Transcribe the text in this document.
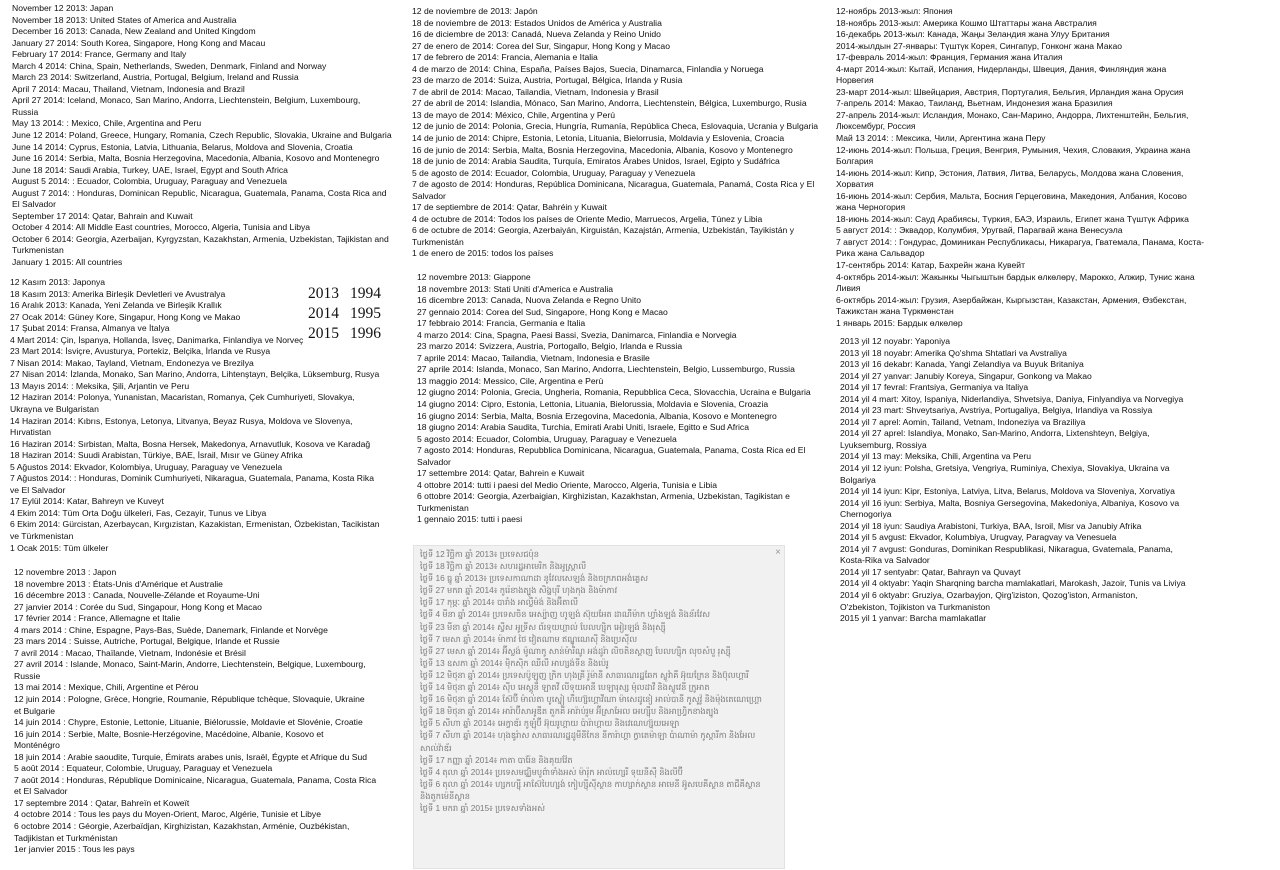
November 12 2013: Japan
November 18 2013: United States of America and Australia
December 16 2013: Canada, New Zealand and United Kingdom
January 27 2014: South Korea, Singapore, Hong Kong and Macau
February 17 2014: France, Germany and Italy
March 4 2014: China, Spain, Netherlands, Sweden, Denmark, Finland and Norway
March 23 2014: Switzerland, Austria, Portugal, Belgium, Ireland and Russia
April 7 2014: Macau, Thailand, Vietnam, Indonesia and Brazil
April 27 2014: Iceland, Monaco, San Marino, Andorra, Liechtenstein, Belgium, Luxembourg,
Russia
May 13 2014: : Mexico, Chile, Argentina and Peru
June 12 2014: Poland, Greece, Hungary, Romania, Czech Republic, Slovakia, Ukraine and Bulgaria
June 14 2014: Cyprus, Estonia, Latvia, Lithuania, Belarus, Moldova and Slovenia, Croatia
June 16 2014: Serbia, Malta, Bosnia Herzegovina, Macedonia, Albania, Kosovo and Montenegro
June 18 2014: Saudi Arabia, Turkey, UAE, Israel, Egypt and South Africa
August 5 2014: : Ecuador, Colombia, Uruguay, Paraguay and Venezuela
August 7 2014: : Honduras, Dominican Republic, Nicaragua, Guatemala, Panama, Costa Rica and
El Salvador
September 17 2014: Qatar, Bahrain and Kuwait
October 4 2014: All Middle East countries, Morocco, Algeria, Tunisia and Libya
October 6 2014: Georgia, Azerbaijan, Kyrgyzstan, Kazakhstan, Armenia, Uzbekistan, Tajikistan and
Turkmenistan
January 1 2015: All countries
12 Kasım 2013: Japonya
18 Kasım 2013: Amerika Birleşik Devletleri ve Avustralya
16 Aralık 2013: Kanada, Yeni Zelanda ve Birleşik Krallık
27 Ocak 2014: Güney Kore, Singapur, Hong Kong ve Makao
17 Şubat 2014: Fransa, Almanya ve İtalya
4 Mart 2014: Çin, İspanya, Hollanda, İsveç, Danimarka, Finlandiya ve Norveç
23 Mart 2014: İsviçre, Avusturya, Portekiz, Belçika, İrlanda ve Rusya
7 Nisan 2014: Makao, Tayland, Vietnam, Endonezya ve Brezilya
27 Nisan 2014: İzlanda, Monako, San Marino, Andorra, Lihtenştayn, Belçika, Lüksemburg, Rusya
13 Mayıs 2014: : Meksika, Şili, Arjantin ve Peru
12 Haziran 2014: Polonya, Yunanistan, Macaristan, Romanya, Çek Cumhuriyeti, Slovakya,
Ukrayna ve Bulgaristan
14 Haziran 2014: Kıbrıs, Estonya, Letonya, Litvanya, Beyaz Rusya, Moldova ve Slovenya,
Hırvatistan
16 Haziran 2014: Sırbistan, Malta, Bosna Hersek, Makedonya, Arnavutluk, Kosova ve Karadağ
18 Haziran 2014: Suudi Arabistan, Türkiye, BAE, İsrail, Mısır ve Güney Afrika
5 Ağustos 2014: Ekvador, Kolombiya, Uruguay, Paraguay ve Venezuela
7 Ağustos 2014: : Honduras, Dominik Cumhuriyeti, Nikaragua, Guatemala, Panama, Kosta Rika
ve El Salvador
17 Eylül 2014: Katar, Bahreyn ve Kuveyt
4 Ekim 2014: Tüm Orta Doğu ülkeleri, Fas, Cezayir, Tunus ve Libya
6 Ekim 2014: Gürcistan, Azerbaycan, Kırgızistan, Kazakistan, Ermenistan, Özbekistan, Tacikistan
ve Türkmenistan
1 Ocak 2015: Tüm ülkeler
12 novembre 2013 : Japon
18 novembre 2013 : États-Unis d'Amérique et Australie
16 décembre 2013 : Canada, Nouvelle-Zélande et Royaume-Uni
27 janvier 2014 : Corée du Sud, Singapour, Hong Kong et Macao
17 février 2014 : France, Allemagne et Italie
4 mars 2014 : Chine, Espagne, Pays-Bas, Suède, Danemark, Finlande et Norvège
23 mars 2014 : Suisse, Autriche, Portugal, Belgique, Irlande et Russie
7 avril 2014 : Macao, Thaïlande, Vietnam, Indonésie et Brésil
27 avril 2014 : Islande, Monaco, Saint-Marin, Andorre, Liechtenstein, Belgique, Luxembourg,
Russie
13 mai 2014 : Mexique, Chili, Argentine et Pérou
12 juin 2014 : Pologne, Grèce, Hongrie, Roumanie, République tchèque, Slovaquie, Ukraine
et Bulgarie
14 juin 2014 : Chypre, Estonie, Lettonie, Lituanie, Biélorussie, Moldavie et Slovénie, Croatie
16 juin 2014 : Serbie, Malte, Bosnie-Herzégovine, Macédoine, Albanie, Kosovo et
Monténégro
18 juin 2014 : Arabie saoudite, Turquie, Émirats arabes unis, Israël, Égypte et Afrique du Sud
5 août 2014 : Equateur, Colombie, Uruguay, Paraguay et Venezuela
7 août 2014 : Honduras, République Dominicaine, Nicaragua, Guatemala, Panama, Costa Rica
et El Salvador
17 septembre 2014 : Qatar, Bahreïn et Koweït
4 octobre 2014 : Tous les pays du Moyen-Orient, Maroc, Algérie, Tunisie et Libye
6 octobre 2014 : Géorgie, Azerbaïdjan, Kirghizistan, Kazakhstan, Arménie, Ouzbékistan,
Tadjikistan et Turkménistan
1er janvier 2015 : Tous les pays
12 de noviembre de 2013: Japón
18 de noviembre de 2013: Estados Unidos de América y Australia
16 de diciembre de 2013: Canadá, Nueva Zelanda y Reino Unido
27 de enero de 2014: Corea del Sur, Singapur, Hong Kong y Macao
17 de febrero de 2014: Francia, Alemania e Italia
4 de marzo de 2014: China, España, Países Bajos, Suecia, Dinamarca, Finlandia y Noruega
23 de marzo de 2014: Suiza, Austria, Portugal, Bélgica, Irlanda y Rusia
7 de abril de 2014: Macao, Tailandia, Vietnam, Indonesia y Brasil
27 de abril de 2014: Islandia, Mónaco, San Marino, Andorra, Liechtenstein, Bélgica, Luxemburgo, Rusia
13 de mayo de 2014: México, Chile, Argentina y Perú
12 de junio de 2014: Polonia, Grecia, Hungría, Rumanía, República Checa, Eslovaquia, Ucrania y Bulgaria
14 de junio de 2014: Chipre, Estonia, Letonia, Lituania, Bielorrusia, Moldavia y Eslovenia, Croacia
16 de junio de 2014: Serbia, Malta, Bosnia Herzegovina, Macedonia, Albania, Kosovo y Montenegro
18 de junio de 2014: Arabia Saudita, Turquía, Emiratos Árabes Unidos, Israel, Egipto y Sudáfrica
5 de agosto de 2014: Ecuador, Colombia, Uruguay, Paraguay y Venezuela
7 de agosto de 2014: Honduras, República Dominicana, Nicaragua, Guatemala, Panamá, Costa Rica y El
Salvador
17 de septiembre de 2014: Qatar, Bahréin y Kuwait
4 de octubre de 2014: Todos los países de Oriente Medio, Marruecos, Argelia, Túnez y Libia
6 de octubre de 2014: Georgia, Azerbaiyán, Kirguistán, Kazajstán, Armenia, Uzbekistán, Tayikistán y
Turkmenistán
1 de enero de 2015: todos los países
12 novembre 2013: Giappone
18 novembre 2013: Stati Uniti d'America e Australia
16 dicembre 2013: Canada, Nuova Zelanda e Regno Unito
27 gennaio 2014: Corea del Sud, Singapore, Hong Kong e Macao
17 febbraio 2014: Francia, Germania e Italia
4 marzo 2014: Cina, Spagna, Paesi Bassi, Svezia, Danimarca, Finlandia e Norvegia
23 marzo 2014: Svizzera, Austria, Portogallo, Belgio, Irlanda e Russia
7 aprile 2014: Macao, Tailandia, Vietnam, Indonesia e Brasile
27 aprile 2014: Islanda, Monaco, San Marino, Andorra, Liechtenstein, Belgio, Lussemburgo, Russia
13 maggio 2014: Messico, Cile, Argentina e Perù
12 giugno 2014: Polonia, Grecia, Ungheria, Romania, Repubblica Ceca, Slovacchia, Ucraina e Bulgaria
14 giugno 2014: Cipro, Estonia, Lettonia, Lituania, Bielorussia, Moldavia e Slovenia, Croazia
16 giugno 2014: Serbia, Malta, Bosnia Erzegovina, Macedonia, Albania, Kosovo e Montenegro
18 giugno 2014: Arabia Saudita, Turchia, Emirati Arabi Uniti, Israele, Egitto e Sud Africa
5 agosto 2014: Ecuador, Colombia, Uruguay, Paraguay e Venezuela
7 agosto 2014: Honduras, Repubblica Dominicana, Nicaragua, Guatemala, Panama, Costa Rica ed El
Salvador
17 settembre 2014: Qatar, Bahrein e Kuwait
4 ottobre 2014: tutti i paesi del Medio Oriente, Marocco, Algeria, Tunisia e Libia
6 ottobre 2014: Georgia, Azerbaigian, Kirghizistan, Kazakhstan, Armenia, Uzbekistan, Tagikistan e
Turkmenistan
1 gennaio 2015: tutti i paesi
12-ноябрь 2013-жыл: Япония
18-ноябрь 2013-жыл: Америка Кошмо Штаттары жана Австралия
16-декабрь 2013-жыл: Канада, Жаңы Зеландия жана Улуу Британия
2014-жылдын 27-январы: Түштүк Корея, Сингапур, Гонконг жана Макао
17-февраль 2014-жыл: Франция, Германия жана Италия
4-март 2014-жыл: Кытай, Испания, Нидерланды, Швеция, Дания, Финляндия жана Норвегия
23-март 2014-жыл: Швейцария, Австрия, Португалия, Бельгия, Ирландия жана Орусия
7-апрель 2014: Макао, Таиланд, Вьетнам, Индонезия жана Бразилия
27-апрель 2014-жыл: Исландия, Монако, Сан-Марино, Андорра, Лихтенштейн, Бельгия,
Люксембург, Россия
Май 13 2014: : Мексика, Чили, Аргентина жана Перу
12-июнь 2014-жыл: Польша, Греция, Венгрия, Румыния, Чехия, Словакия, Украина жана
Болгария
14-июнь 2014-жыл: Кипр, Эстония, Латвия, Литва, Беларусь, Молдова жана Словения,
Хорватия
16-июнь 2014-жыл: Сербия, Мальта, Босния Герцеговина, Македония, Албания, Косово
жана Черногория
18-июнь 2014-жыл: Сауд Арабиясы, Түркия, БАЭ, Израиль, Египет жана Түштүк Африка
5 август 2014: : Эквадор, Колумбия, Уругвай, Парагвай жана Венесуэла
7 август 2014: : Гондурас, Доминикан Республикасы, Никарагуа, Гватемала, Панама, Коста-
Рика жана Сальвадор
17-сентябрь 2014: Катар, Бахрейн жана Кувейт
4-октябрь 2014-жыл: Жакынкы Чыгыштын бардык өлкөлөрү, Марокко, Алжир, Тунис жана
Ливия
6-октябрь 2014-жыл: Грузия, Азербайжан, Кыргызстан, Казакстан, Армения, Өзбекстан,
Тажикстан жана Түркмөнстан
1 январь 2015: Бардык өлкөлөр
2013 yil 12 noyabr: Yaponiya
2013 yil 18 noyabr: Amerika Qo'shma Shtatlari va Avstraliya
2013 yil 16 dekabr: Kanada, Yangi Zelandiya va Buyuk Britaniya
2014 yil 27 yanvar: Janubiy Koreya, Singapur, Gonkong va Makao
2014 yil 17 fevral: Frantsiya, Germaniya va Italiya
2014 yil 4 mart: Xitoy, Ispaniya, Niderlandiya, Shvetsiya, Daniya, Finlyandiya va Norvegiya
2014 yil 23 mart: Shveytsariya, Avstriya, Portugaliya, Belgiya, Irlandiya va Rossiya
2014 yil 7 aprel: Aomin, Tailand, Vetnam, Indoneziya va Braziliya
2014 yil 27 aprel: Islandiya, Monako, San-Marino, Andorra, Lixtenshteyn, Belgiya,
Lyuksemburg, Rossiya
2014 yil 13 may: Meksika, Chili, Argentina va Peru
2014 yil 12 iyun: Polsha, Gretsiya, Vengriya, Ruminiya, Chexiya, Slovakiya, Ukraina va
Bolgariya
2014 yil 14 iyun: Kipr, Estoniya, Latviya, Litva, Belarus, Moldova va Sloveniya, Xorvatiya
2014 yil 16 iyun: Serbiya, Malta, Bosniya Gersegovina, Makedoniya, Albaniya, Kosovo va
Chernogoriya
2014 yil 18 iyun: Saudiya Arabistoni, Turkiya, BAA, Isroil, Misr va Janubiy Afrika
2014 yil 5 avgust: Ekvador, Kolumbiya, Urugvay, Paragvay va Venesuela
2014 yil 7 avgust: Gonduras, Dominikan Respublikasi, Nikaragua, Gvatemala, Panama,
Kosta-Rika va Salvador
2014 yil 17 sentyabr: Qatar, Bahrayn va Quvayt
2014 yil 4 oktyabr: Yaqin Sharqning barcha mamlakatlari, Marokash, Jazoir, Tunis va Liviya
2014 yil 6 oktyabr: Gruziya, Ozarbayjon, Qirg'iziston, Qozog'iston, Armaniston,
O'zbekiston, Tojikiston va Turkmaniston
2015 yil 1 yanvar: Barcha mamlakatlar
2013 1994
2014 1995
2015 1996
×
ថ្ងៃទី 12 វិច្ឆិកា ឆ្នាំ 2013៖ ប្រទេសជប៉ុន
ថ្ងៃទី 18 វិច្ឆិកា ឆ្នាំ 2013៖ សហរដ្ឋអាមេរិក និងអូស្ត្រាលី
ថ្ងៃទី 16 ធ្នូ ឆ្នាំ 2013៖ ប្រទេសកាណាដា នូវែលសេឡង់ និងចក្រភពអង់គ្លេស
ថ្ងៃទី 27 មករា ឆ្នាំ 2014៖ កូរ៉េខាងត្បូង សិង្ហបុរី ហុងកុង និងម៉ាកាវ
ថ្ងៃទី 17 កុម្ភៈ ឆ្នាំ 2014៖ បារាំង អាល្លឺម៉ង់ និងអ៊ីតាលី
ថ្ងៃទី 4 មីនា ឆ្នាំ 2014៖ ប្រទេសចិន អេស្ប៉ាញ ហូឡង់ ស៊ុយអែត ដាណឺម៉ាក ហ្វាំងឡង់ និងន័រវែស
ថ្ងៃទី 23 មីនា ឆ្នាំ 2014៖ ស្វីស អូទ្រីស ព័រទុយហ្គាល់ បែលហ្ស៊ិក អៀរឡង់ និងរុស្ស៊ី
ថ្ងៃទី 7 មេសា ឆ្នាំ 2014៖ ម៉ាកាវ ថៃ វៀតណាម ឥណ្ឌូណេស៊ី និងប្រេស៊ីល
ថ្ងៃទី 27 មេសា ឆ្នាំ 2014៖ អ៊ីស្លង់ ម៉ូណាកូ សាន់ម៉ារីណូ អង់ដូរ៉ា លិចតិនស្តាញ បែលហ្ស៊ិក លុចសំបួ រុស្ស៊ី
ថ្ងៃទី 13 ឧសភា ឆ្នាំ 2014៖ ម៉ិកស៊ិក ឈីលី អាហ្សង់ទីន និងប៉េរូ
ថ្ងៃទី 12 មិថុនា ឆ្នាំ 2014៖ ប្រទេសប៉ូឡូញ ក្រិក ហុងគ្រី រ៉ូម៉ានី សាធារណរដ្ឋឆែក ស្លូវ៉ាគី អ៊ុយក្រែន និងប៊ុលហ្គារី
ថ្ងៃទី 14 មិថុនា ឆ្នាំ 2014៖ ស៊ីប អេស្តូនី ឡាតវី លីទុយអានី បេឡារុស្ស ម៉ុលដាវី និងស្លូវេនី ក្រូអាត
ថ្ងៃទី 16 មិថុនា ឆ្នាំ 2014៖ ស៊ែប៊ី ម៉ាល់តា បូស្នៀ ហឺហ្ស៊េហ្គោវីណា ម៉ាសេដូនៀ អាល់បានី កូសូវ៉ូ និងម៉ុងតេណេហ្គ្រោ
ថ្ងៃទី 18 មិថុនា ឆ្នាំ 2014៖ អារ៉ាប៊ីសាអូឌីត តួកគី អារ៉ាប់រួម អ៊ីស្រាអែល អេហ្ស៊ីប និងអាហ្វ្រិកខាងត្បូង
ថ្ងៃទី 5 សីហា ឆ្នាំ 2014៖ អេក្វាឌ័រ កូឡុំប៊ី អ៊ុយរូហ្គាយ ប៉ារ៉ាហ្គាយ និងវេណេហ្ស៊ុយអេឡា
ថ្ងៃទី 7 សីហា ឆ្នាំ 2014៖ ហុងឌូរ៉ាស សាធារណរដ្ឋដូមីនីកែន នីការ៉ាហ្គា ក្វាតេម៉ាឡា ប៉ាណាម៉ា កូស្តារីកា និងអែលសាល់វ៉ាឌ័រ
ថ្ងៃទី 17 កញ្ញា ឆ្នាំ 2014៖ កាតា បារ៉ែន និងគុយវ៉ែត
ថ្ងៃទី 4 តុលា ឆ្នាំ 2014៖ ប្រទេសមជ្ឈិមបូព៌ាទាំងអស់ ម៉ារ៉ុក អាល់ហ្សេរី ទុយនីស៊ី និងលីប៊ី
ថ្ងៃទី 6 តុលា ឆ្នាំ 2014៖ ហ្សកហ្ស៊ី អាស៊ែបៃហ្សង់ កៀហ្ស៊ីស៊ីស្ថាន កាហ្សាក់ស្ថាន អាមេនី អ៊ូសបេគីស្ថាន តាជីគីស្ថាន និងតួកម៉េនីស្ថាន
ថ្ងៃទី 1 មករា ឆ្នាំ 2015៖ ប្រទេសទាំងអស់
